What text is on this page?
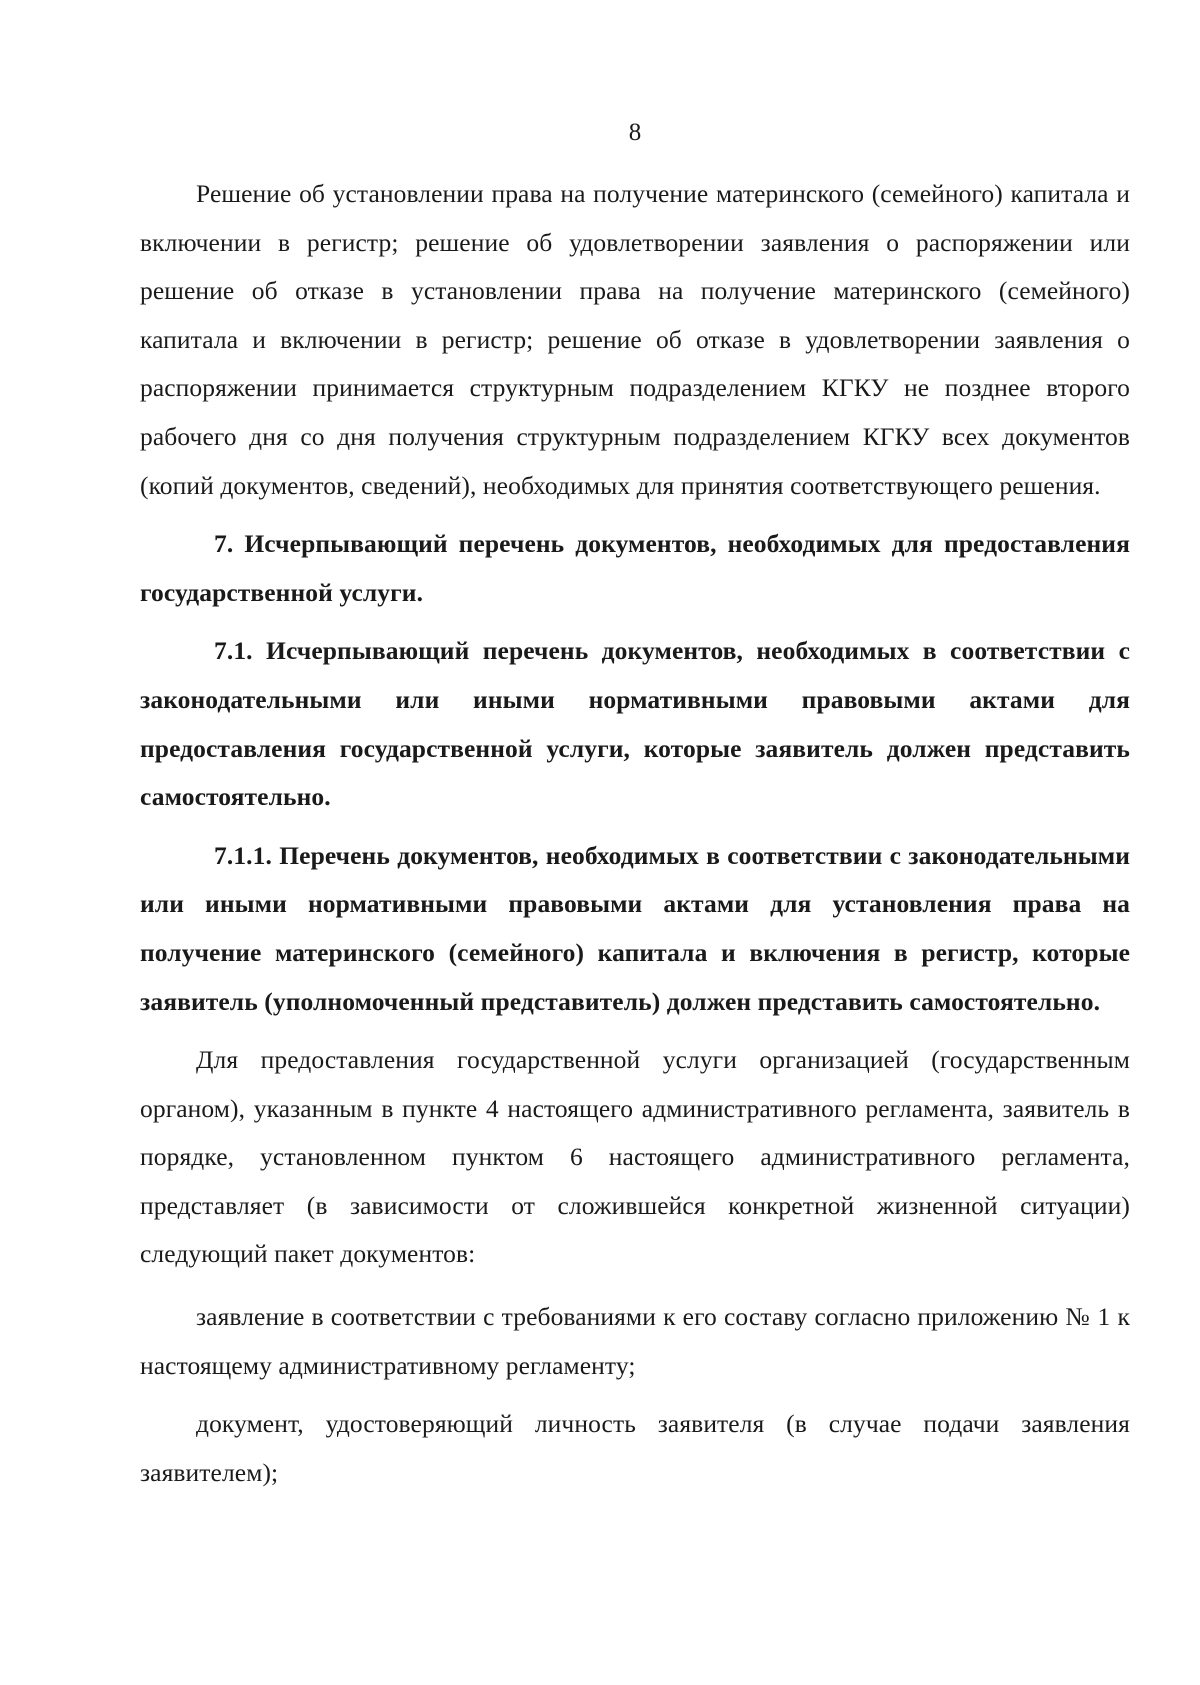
8

Решение об установлении права на получение материнского (семейного) капитала и включении в регистр; решение об удовлетворении заявления о распоряжении или решение об отказе в установлении права на получение материнского (семейного) капитала и включении в регистр; решение об отказе в удовлетворении заявления о распоряжении принимается структурным подразделением КГКУ не позднее второго рабочего дня со дня получения структурным подразделением КГКУ всех документов (копий документов, сведений), необходимых для принятия соответствующего решения.

7. Исчерпывающий перечень документов, необходимых для предоставления государственной услуги.

7.1. Исчерпывающий перечень документов, необходимых в соответствии с законодательными или иными нормативными правовыми актами для предоставления государственной услуги, которые заявитель должен представить самостоятельно.

7.1.1. Перечень документов, необходимых в соответствии с законодательными или иными нормативными правовыми актами для установления права на получение материнского (семейного) капитала и включения в регистр, которые заявитель (уполномоченный представитель) должен представить самостоятельно.

Для предоставления государственной услуги организацией (государственным органом), указанным в пункте 4 настоящего административного регламента, заявитель в порядке, установленном пунктом 6 настоящего административного регламента, представляет (в зависимости от сложившейся конкретной жизненной ситуации) следующий пакет документов:

заявление в соответствии с требованиями к его составу согласно приложению № 1 к настоящему административному регламенту;

документ, удостоверяющий личность заявителя (в случае подачи заявления заявителем);
